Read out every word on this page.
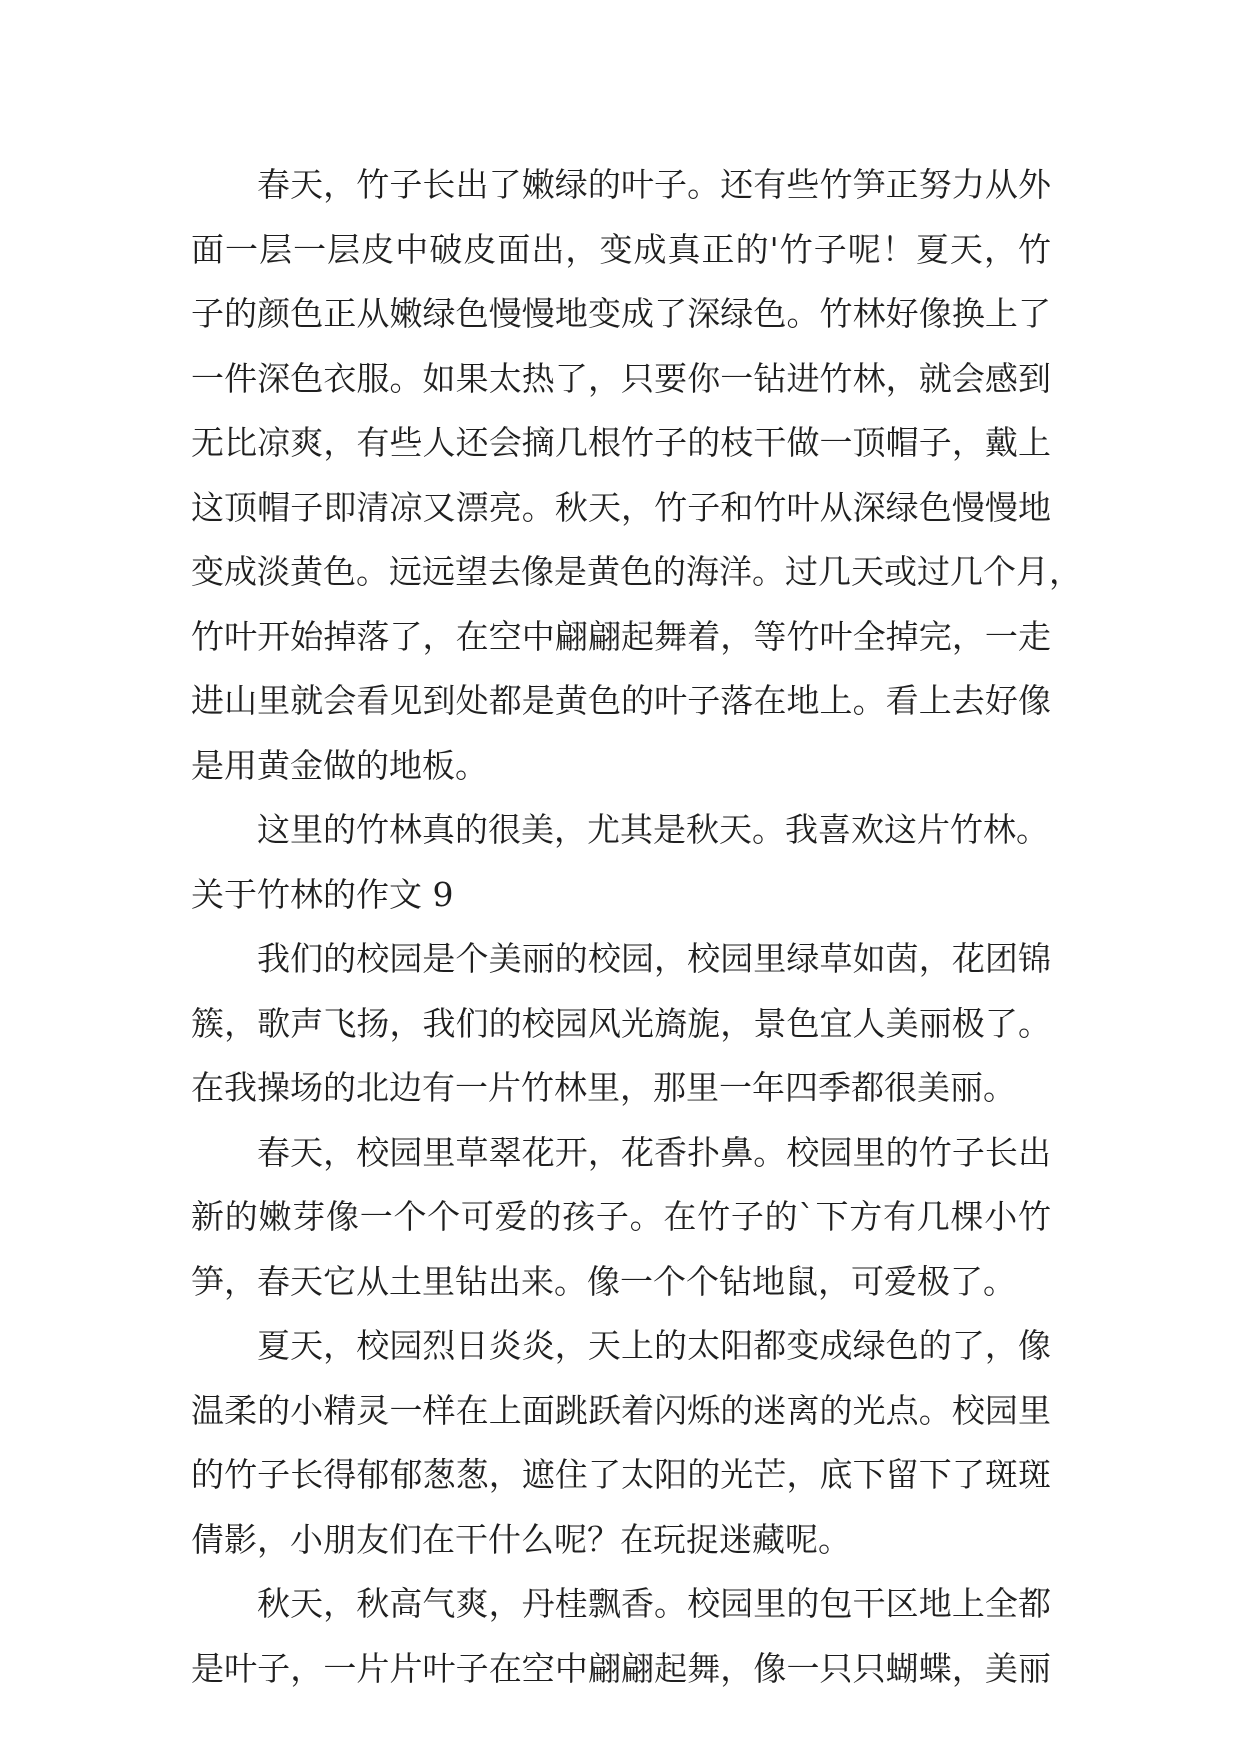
春天，竹子长出了嫩绿的叶子。还有些竹笋正努力从外
面一层一层皮中破皮面出，变成真正的'竹子呢！夏天，竹
子的颜色正从嫩绿色慢慢地变成了深绿色。竹林好像换上了
一件深色衣服。如果太热了，只要你一钻进竹林，就会感到
无比凉爽，有些人还会摘几根竹子的枝干做一顶帽子，戴上
这顶帽子即清凉又漂亮。秋天，竹子和竹叶从深绿色慢慢地
变成淡黄色。远远望去像是黄色的海洋。过几天或过几个月，
竹叶开始掉落了，在空中翩翩起舞着，等竹叶全掉完，一走
进山里就会看见到处都是黄色的叶子落在地上。看上去好像
是用黄金做的地板。
这里的竹林真的很美，尤其是秋天。我喜欢这片竹林。
关于竹林的作文 9
我们的校园是个美丽的校园，校园里绿草如茵，花团锦
簇，歌声飞扬，我们的校园风光旖旎，景色宜人美丽极了。
在我操场的北边有一片竹林里，那里一年四季都很美丽。
春天，校园里草翠花开，花香扑鼻。校园里的竹子长出
新的嫩芽像一个个可爱的孩子。在竹子的`下方有几棵小竹
笋，春天它从土里钻出来。像一个个钻地鼠，可爱极了。
夏天，校园烈日炎炎，天上的太阳都变成绿色的了，像
温柔的小精灵一样在上面跳跃着闪烁的迷离的光点。校园里
的竹子长得郁郁葱葱，遮住了太阳的光芒，底下留下了斑斑
倩影，小朋友们在干什么呢？在玩捉迷藏呢。
秋天，秋高气爽，丹桂飘香。校园里的包干区地上全都
是叶子，一片片叶子在空中翩翩起舞，像一只只蝴蝶，美丽
